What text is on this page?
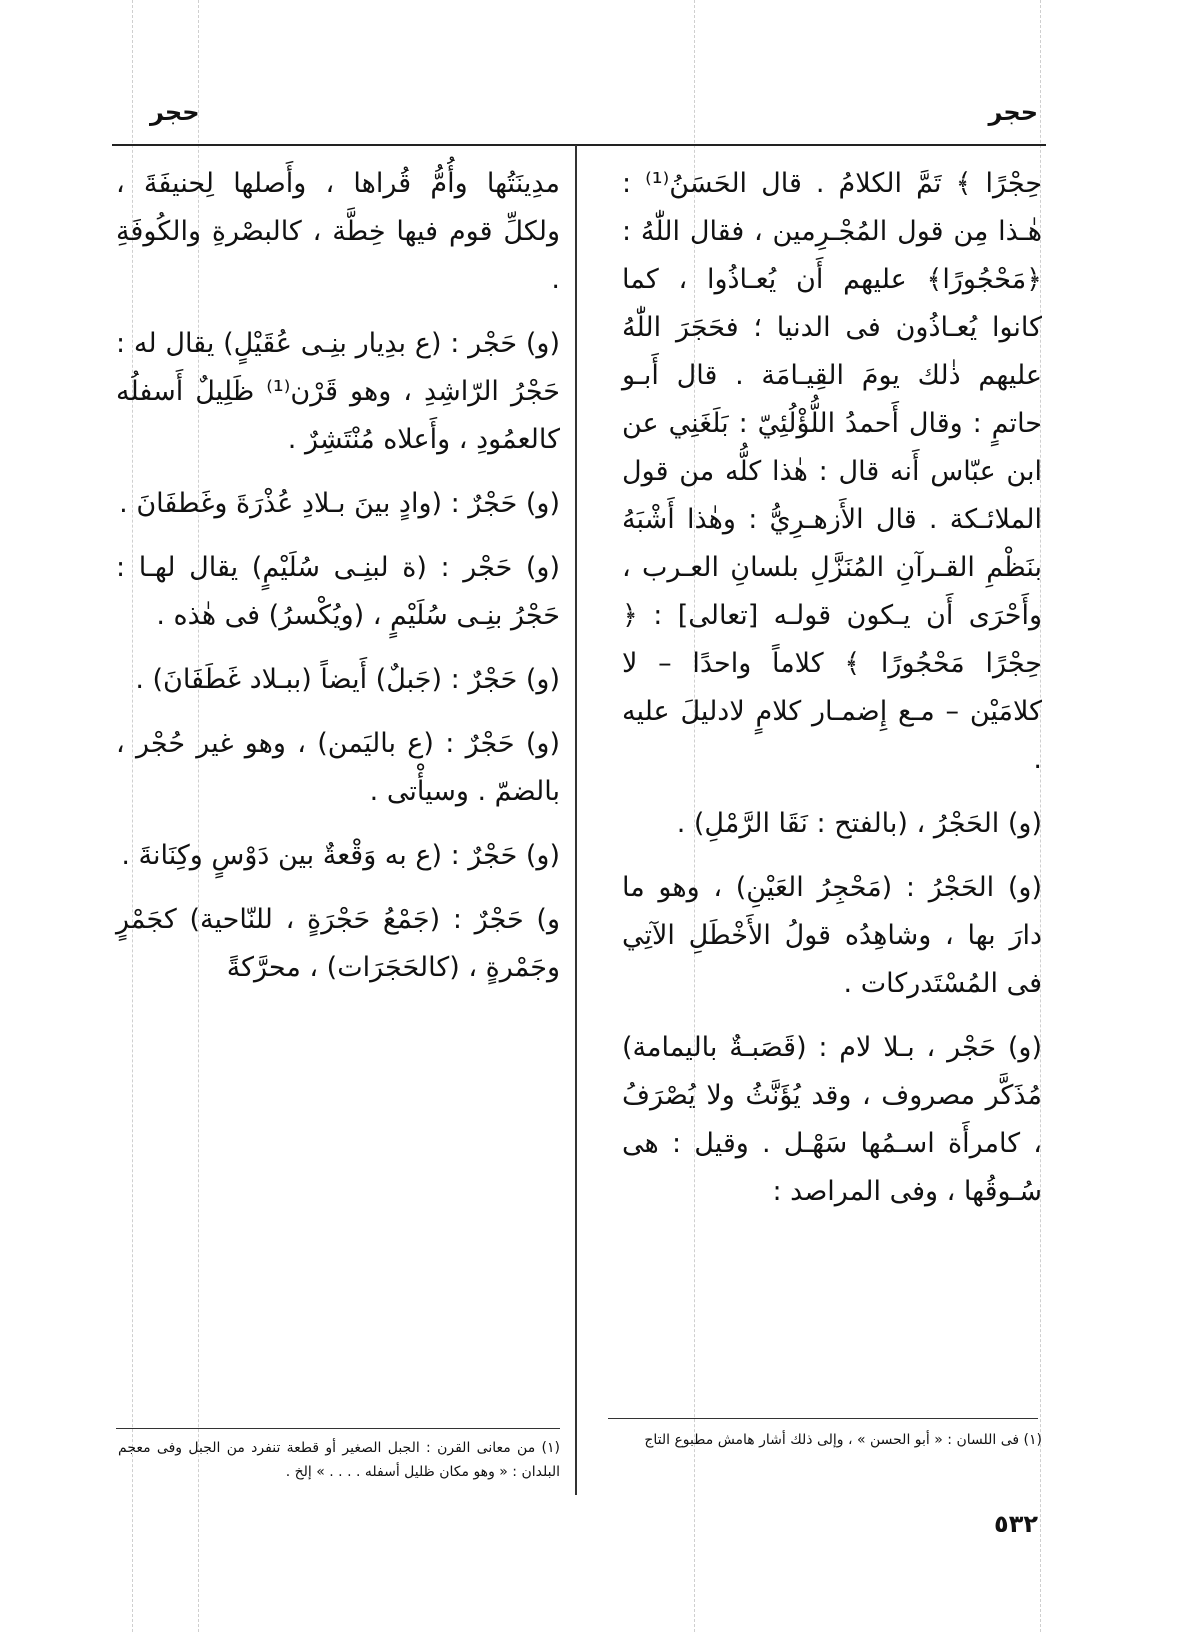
حجر
حجر

حِجْرًا ﴾ تَمَّ الكلامُ . قال الحَسَنُ⁽¹⁾ : هٰـذا مِن قول المُجْـرِمين ، فقال اللّٰهُ : ﴿مَحْجُورًا﴾ عليهم أَن يُعـاذُوا ، كما كانوا يُعـاذُون فى الدنيا ؛ فحَجَرَ اللّٰهُ عليهم ذٰلك يومَ القِيـامَة . قال أَبـو حاتمٍ : وقال أَحمدُ اللُّؤْلُئِيّ : بَلَغَنِي عن ابن عبّاس أَنه قال : هٰذا كلُّه من قول الملائـكة . قال الأَزهـرِيُّ : وهٰذا أَشْبَهُ بنَظْمِ القـرآنِ المُنَزَّلِ بلسانِ العـرب ، وأَحْرَى أَن يـكون قولـه [تعالى] : ﴿ حِجْرًا مَحْجُورًا ﴾ كلاماً واحدًا – لا كلامَيْن – مـع إِضمـار كلامٍ لادليلَ عليه .

(و) الحَجْرُ ، (بالفتح : نَقَا الرَّمْلِ) .

(و) الحَجْرُ : (مَحْجِرُ العَيْنِ) ، وهو ما دارَ بها ، وشاهِدُه قولُ الأَخْطَلِ الآتِي فى المُسْتَدركات .

(و) حَجْر ، بـلا لام : (قَصَبـةٌ باليمامة) مُذَكَّر مصروف ، وقد يُؤَنَّثُ ولا يُصْرَفُ ، كامرأَة اسـمُها سَهْـل . وقيل : هى سُـوقُها ، وفى المراصد :

مدِينَتُها وأُمُّ قُراها ، وأَصلها لِحنيفَةَ ، ولكلِّ قوم فيها خِطَّة ، كالبصْرةِ والكُوفَةِ .

(و) حَجْر : (ع بدِيار بنِـى عُقَيْلٍ) يقال له : حَجْرُ الرّاشِدِ ، وهو قَرْن⁽¹⁾ ظَلِيلٌ أَسفلُه كالعمُودِ ، وأَعلاه مُنْتَشِرٌ .

(و) حَجْرٌ : (وادٍ بينَ بـلادِ عُذْرَةَ وغَطفَانَ .

(و) حَجْر : (ة لبنِـى سُلَيْمٍ) يقال لهـا : حَجْرُ بنِـى سُلَيْمٍ ، (ويُكْسرُ) فى هٰذه .

(و) حَجْرٌ : (جَبلٌ) أَيضاً (ببـلاد غَطَفَانَ) .

(و) حَجْرٌ : (ع باليَمن) ، وهو غير حُجْر ، بالضمّ . وسيأْتى .

(و) حَجْرٌ : (ع به وَقْعةٌ بين دَوْسٍ وكِنَانةَ .

و) حَجْرٌ : (جَمْعُ حَجْرَةٍ ، للنّاحية) كجَمْرٍ وجَمْرةٍ ، (كالحَجَرَات) ، محرَّكةً

(١) فى اللسان : « أبو الحسن » ، وإلى ذلك أشار هامش مطبوع التاج
(١) من معانى القرن : الجبل الصغير أو قطعة تنفرد من الجبل وفى معجم البلدان : « وهو مكان ظليل أسفله . . . . » إلخ .
٥٣٢
